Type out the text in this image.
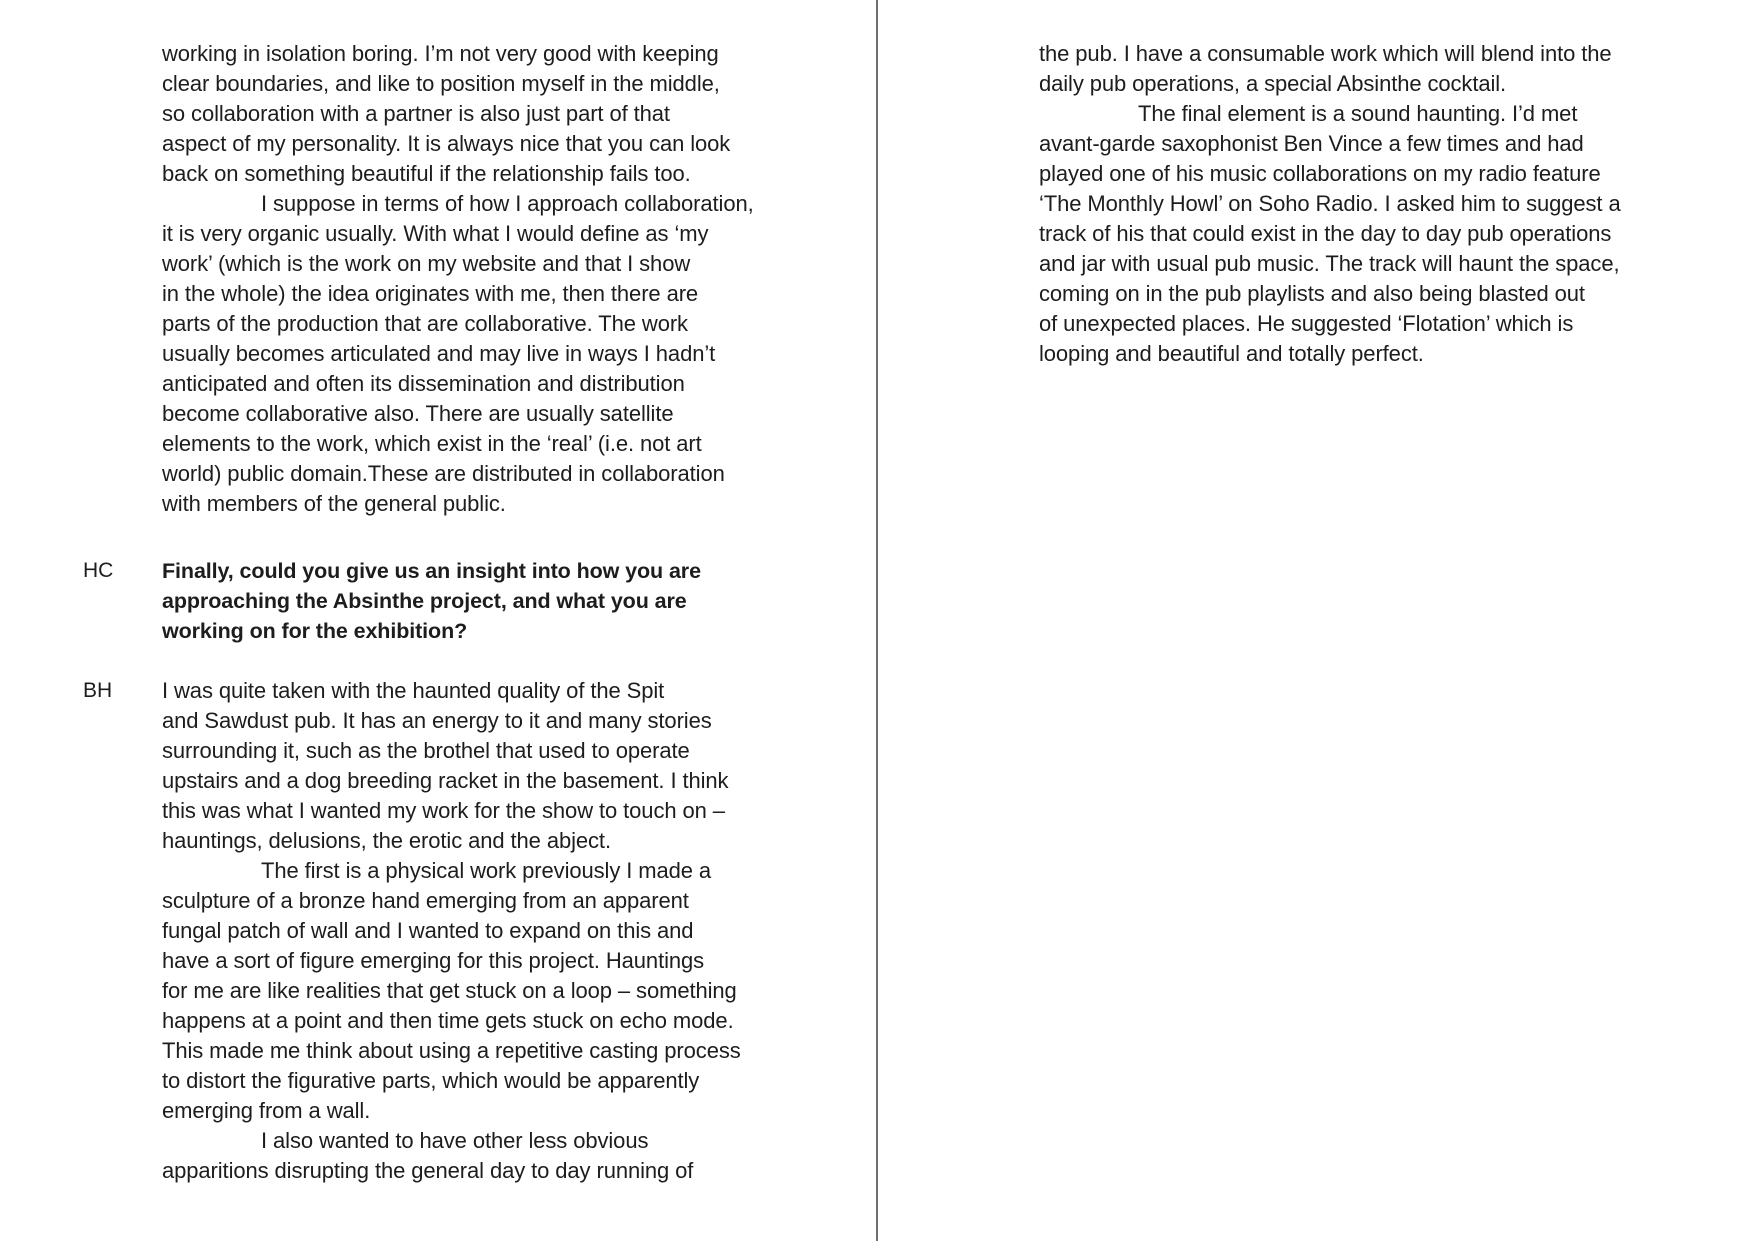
working in isolation boring. I’m not very good with keeping
clear boundaries, and like to position myself in the middle,
so collaboration with a partner is also just part of that
aspect of my personality. It is always nice that you can look
back on something beautiful if the relationship fails too.
I suppose in terms of how I approach collaboration,
it is very organic usually. With what I would define as ‘my
work’ (which is the work on my website and that I show
in the whole) the idea originates with me, then there are
parts of the production that are collaborative. The work
usually becomes articulated and may live in ways I hadn’t
anticipated and often its dissemination and distribution
become collaborative also. There are usually satellite
elements to the work, which exist in the ‘real’ (i.e. not art
world) public domain.These are distributed in collaboration
with members of the general public.
HC Finally, could you give us an insight into how you are
approaching the Absinthe project, and what you are
working on for the exhibition?
BH I was quite taken with the haunted quality of the Spit
and Sawdust pub. It has an energy to it and many stories
surrounding it, such as the brothel that used to operate
upstairs and a dog breeding racket in the basement. I think
this was what I wanted my work for the show to touch on –
hauntings, delusions, the erotic and the abject.
The first is a physical work previously I made a
sculpture of a bronze hand emerging from an apparent
fungal patch of wall and I wanted to expand on this and
have a sort of figure emerging for this project. Hauntings
for me are like realities that get stuck on a loop – something
happens at a point and then time gets stuck on echo mode.
This made me think about using a repetitive casting process
to distort the figurative parts, which would be apparently
emerging from a wall.
I also wanted to have other less obvious
apparitions disrupting the general day to day running of
the pub. I have a consumable work which will blend into the
daily pub operations, a special Absinthe cocktail.
The final element is a sound haunting. I’d met
avant-garde saxophonist Ben Vince a few times and had
played one of his music collaborations on my radio feature
‘The Monthly Howl’ on Soho Radio. I asked him to suggest a
track of his that could exist in the day to day pub operations
and jar with usual pub music. The track will haunt the space,
coming on in the pub playlists and also being blasted out
of unexpected places. He suggested ‘Flotation’ which is
looping and beautiful and totally perfect.
